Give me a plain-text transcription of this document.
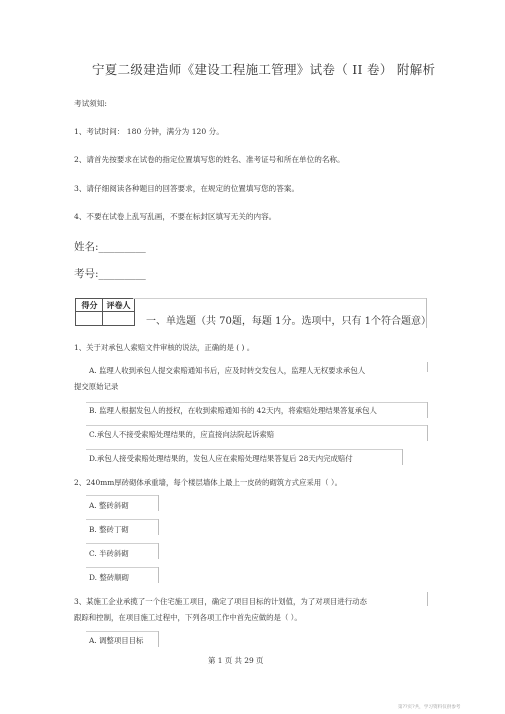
宁夏二级建造师《建设工程施工管理》试卷（ II 卷） 附解析
考试须知:
1、考试时间： 180 分钟，满分为 120 分。
2、请首先按要求在试卷的指定位置填写您的姓名、准考证号和所在单位的名称。
3、请仔细阅读各种题目的回答要求，在规定的位置填写您的答案。
4、不要在试卷上乱写乱画，不要在标封区填写无关的内容。
姓名:_________
考号:_________
得分	评卷人
一、单选题（共 70题，每题 1分。选项中，只有 1个符合题意）
1、关于对承包人索赔文件审核的说法，正确的是 ( ) 。
A. 监理人收到承包人提交索赔通知书后，应及时转交发包人，监理人无权要求承包人
提交原始记录
B. 监理人根据发包人的授权，在收到索赔通知书的 42天内，将索赔处理结果答复承包人
C.承包人不接受索赔处理结果的，应直接向法院起诉索赔
D.承包人接受索赔处理结果的，发包人应在索赔处理结果答复后 28天内完成赔付
2、240mm厚砖砌体承重墙，每个楼层墙体上最上一皮砖的砌筑方式应采用（ ）。
A. 整砖斜砌
B. 整砖丁砌
C. 半砖斜砌
D. 整砖顺砌
3、某施工企业承揽了一个住宅施工项目，确定了项目目标的计划值，为了对项目进行动态
跟踪和控制，在项目施工过程中，下列各项工作中首先应做的是（ ）。
A. 调整项目目标
第 1 页 共 29 页
第??页?共，学习资料仅供参考
